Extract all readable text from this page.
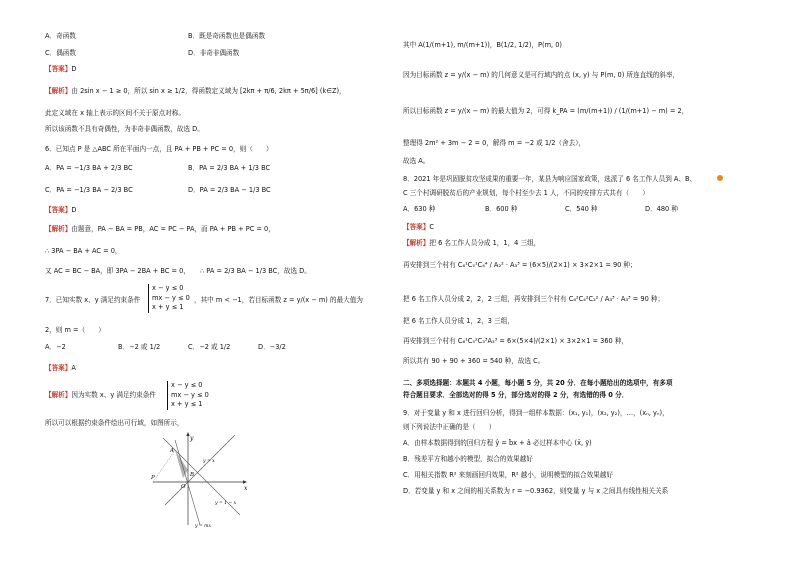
A．奇函数	B．既是奇函数也是偶函数
C．偶函数	D．非奇非偶函数
【答案】D
【解析】由 2sin x − 1 ≥ 0，所以 sin x ≥ 1/2，得函数定义域为 [2kπ + π/6, 2kπ + 5π/6] (k∈Z)，
此定义域在 x 轴上表示的区间不关于原点对称。
所以该函数不具有奇偶性，为非奇非偶函数，故选 D。
6．已知点 P 是 △ABC 所在平面内一点，且 PA + PB + PC = 0，则（　　）
A．PA = −1/3 BA + 2/3 BC	B．PA = 2/3 BA + 1/3 BC
C．PA = −1/3 BA − 2/3 BC	D．PA = 2/3 BA − 1/3 BC
【答案】D
【解析】由题意，PA − BA = PB，AC = PC − PA，而 PA + PB + PC = 0，
∴ 3PA − BA + AC = 0，
又 AC = BC − BA，即 3PA − 2BA + BC = 0， ∴ PA = 2/3 BA − 1/3 BC，故选 D。
7．已知实数 x、y 满足约束条件
x − y ≤ 0
mx − y ≤ 0
x + y ≤ 1
，其中 m < −1，若目标函数 z = y/(x − m) 的最大值为
2，则 m =（　　）
A．−2	B．−2 或 1/2	C．−2 或 1/2	D．−3/2
【答案】A
【解析】因为实数 x、y 满足约束条件
x − y ≤ 0
mx − y ≤ 0
x + y ≤ 1
所以可以根据约束条件绘出可行域，如图所示，
y
x
O
A
B
P
y = x
y = 1 − x
y = mx
其中 A(1/(m+1), m/(m+1))，B(1/2, 1/2)，P(m, 0)
因为目标函数 z = y/(x − m) 的几何意义是可行域内的点 (x, y) 与 P(m, 0) 所连直线的斜率，
所以目标函数 z = y/(x − m) 的最大值为 2，可得 k_PA = (m/(m+1)) / (1/(m+1) − m) = 2，
整理得 2m² + 3m − 2 = 0，解得 m = −2 或 1/2（舍去），
故选 A。
8．2021 年是巩固脱贫攻坚成果的重要一年，某县为响应国家政策，选派了 6 名工作人员到 A、B、
C 三个村调研脱贫后的产业规划，每个村至少去 1 人，不同的安排方式共有（　　）
A．630 种	B．600 种	C．540 种	D．480 种
【答案】C
【解析】把 6 名工作人员分成 1，1，4 三组，
再安排到三个村有 C₆¹C₅¹C₄⁴ / A₂² · A₃³ = (6×5)/(2×1) × 3×2×1 = 90 种；
把 6 名工作人员分成 2，2，2 三组，再安排到三个村有 C₆²C₄²C₂² / A₃³ · A₃³ = 90 种；
把 6 名工作人员分成 1，2，3 三组，
再安排到三个村有 C₆¹C₅²C₃³A₃³ = 6×(5×4)/(2×1) × 3×2×1 = 360 种，
所以共有 90 + 90 + 360 = 540 种，故选 C。
二、多项选择题：本题共 4 小题，每小题 5 分，共 20 分．在每小题给出的选项中，有多项
符合题目要求．全部选对的得 5 分，部分选对的得 2 分，有选错的得 0 分．
9．对于变量 y 和 x 进行回归分析，得到一组样本数据：(x₁, y₁)，(x₂, y₂)，…，(xₙ, yₙ)，
则下列说法中正确的是（　　）
A．由样本数据得到的回归方程 ŷ = b̂x + â 必过样本中心 (x̄, ȳ)
B．残差平方和越小的模型，拟合的效果越好
C．用相关指数 R² 来刻画回归效果，R² 越小，说明模型的拟合效果越好
D．若变量 y 和 x 之间的相关系数为 r = −0.9362，则变量 y 与 x 之间具有线性相关关系
